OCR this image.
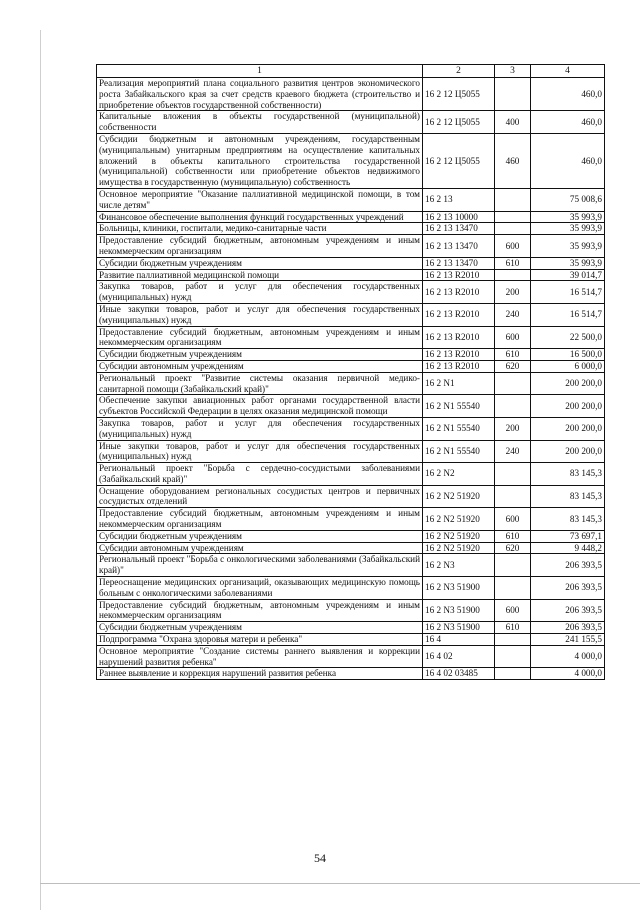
1	2	3	4
Реализация мероприятий плана социального развития центров экономического роста Забайкальского края за счет средств краевого бюджета (строительство и приобретение объектов государственной собственности)	16 2 12 Ц5055		460,0
Капитальные вложения в объекты государственной (муниципальной) собственности	16 2 12 Ц5055	400	460,0
Субсидии бюджетным и автономным учреждениям, государственным (муниципальным) унитарным предприятиям на осуществление капитальных вложений в объекты капитального строительства государственной (муниципальной) собственности или приобретение объектов недвижимого имущества в государственную (муниципальную) собственность	16 2 12 Ц5055	460	460,0
Основное мероприятие "Оказание паллиативной медицинской помощи, в том числе детям"	16 2 13		75 008,6
Финансовое обеспечение выполнения функций государственных учреждений	16 2 13 10000		35 993,9
Больницы, клиники, госпитали, медико-санитарные части	16 2 13 13470		35 993,9
Предоставление субсидий бюджетным, автономным учреждениям и иным некоммерческим организациям	16 2 13 13470	600	35 993,9
Субсидии бюджетным учреждениям	16 2 13 13470	610	35 993,9
Развитие паллиативной медицинской помощи	16 2 13 R2010		39 014,7
Закупка товаров, работ и услуг для обеспечения государственных (муниципальных) нужд	16 2 13 R2010	200	16 514,7
Иные закупки товаров, работ и услуг для обеспечения государственных (муниципальных) нужд	16 2 13 R2010	240	16 514,7
Предоставление субсидий бюджетным, автономным учреждениям и иным некоммерческим организациям	16 2 13 R2010	600	22 500,0
Субсидии бюджетным учреждениям	16 2 13 R2010	610	16 500,0
Субсидии автономным учреждениям	16 2 13 R2010	620	6 000,0
Региональный проект "Развитие системы оказания первичной медико-санитарной помощи (Забайкальский край)"	16 2 N1		200 200,0
Обеспечение закупки авиационных работ органами государственной власти субъектов Российской Федерации в целях оказания медицинской помощи	16 2 N1 55540		200 200,0
Закупка товаров, работ и услуг для обеспечения государственных (муниципальных) нужд	16 2 N1 55540	200	200 200,0
Иные закупки товаров, работ и услуг для обеспечения государственных (муниципальных) нужд	16 2 N1 55540	240	200 200,0
Региональный проект "Борьба с сердечно-сосудистыми заболеваниями (Забайкальский край)"	16 2 N2		83 145,3
Оснащение оборудованием региональных сосудистых центров и первичных сосудистых отделений	16 2 N2 51920		83 145,3
Предоставление субсидий бюджетным, автономным учреждениям и иным некоммерческим организациям	16 2 N2 51920	600	83 145,3
Субсидии бюджетным учреждениям	16 2 N2 51920	610	73 697,1
Субсидии автономным учреждениям	16 2 N2 51920	620	9 448,2
Региональный проект "Борьба с онкологическими заболеваниями (Забайкальский край)"	16 2 N3		206 393,5
Переоснащение медицинских организаций, оказывающих медицинскую помощь больным с онкологическими заболеваниями	16 2 N3 51900		206 393,5
Предоставление субсидий бюджетным, автономным учреждениям и иным некоммерческим организациям	16 2 N3 51900	600	206 393,5
Субсидии бюджетным учреждениям	16 2 N3 51900	610	206 393,5
Подпрограмма "Охрана здоровья матери и ребенка"	16 4		241 155,5
Основное мероприятие "Создание системы раннего выявления и коррекции нарушений развития ребенка"	16 4 02		4 000,0
Раннее выявление и коррекция нарушений развития ребенка	16 4 02 03485		4 000,0
54
